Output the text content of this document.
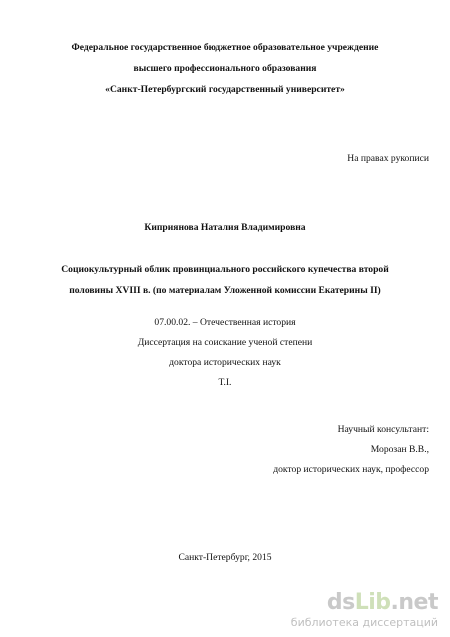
Федеральное государственное бюджетное образовательное учреждение
высшего профессионального образования
«Санкт-Петербургский государственный университет»
На правах рукописи
Киприянова Наталия Владимировна
Социокультурный облик провинциального российского купечества второй
половины XVIII в. (по материалам Уложенной комиссии Екатерины II)
07.00.02. – Отечественная история
Диссертация на соискание ученой степени
доктора исторических наук
Т.I.
Научный консультант:
Морозан В.В.,
доктор исторических наук, профессор
Санкт-Петербург, 2015
dsLib.net
библиотека диссертаций
